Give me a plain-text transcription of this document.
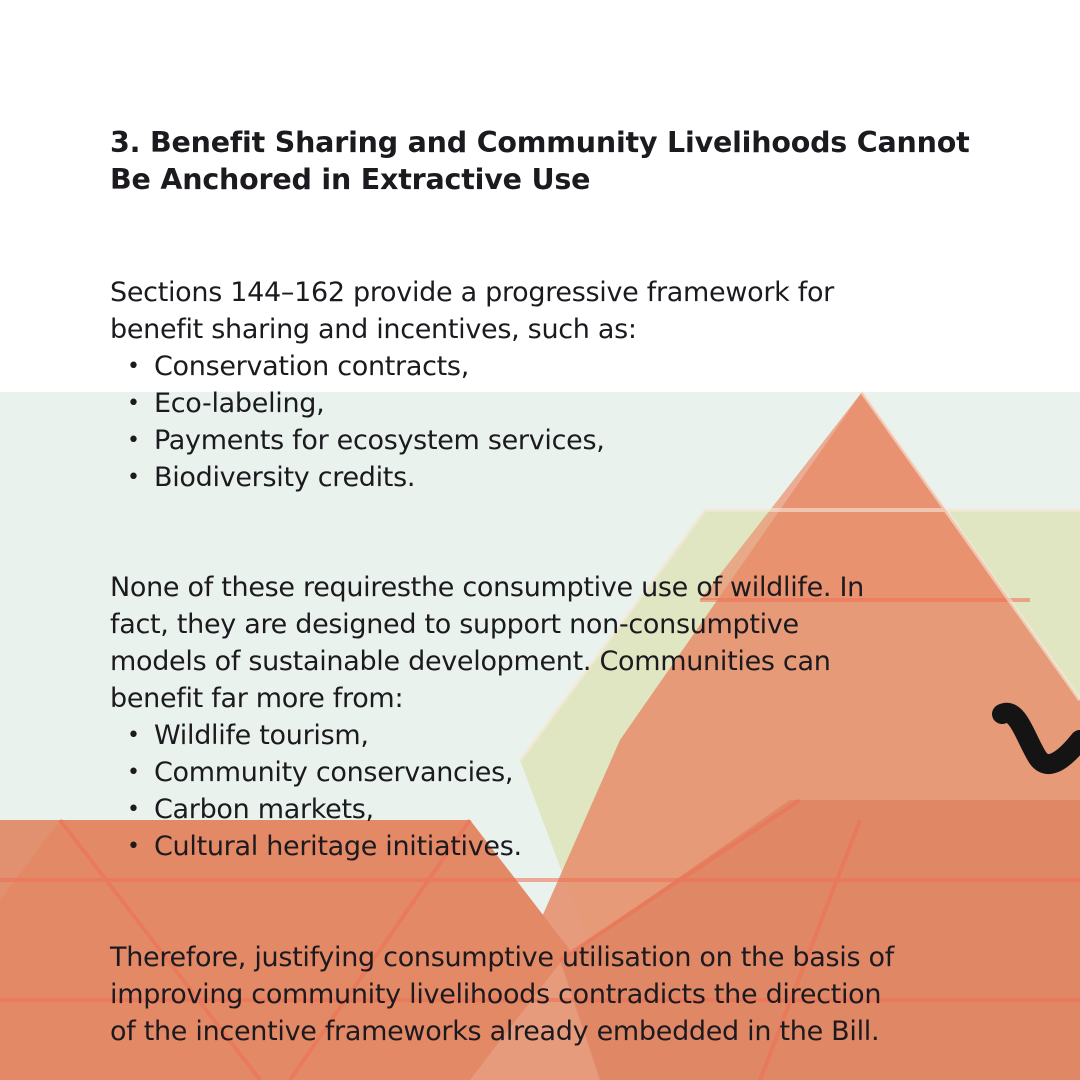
3. Benefit Sharing and Community Livelihoods Cannot
Be Anchored in Extractive Use

Sections 144–162 provide a progressive framework for
benefit sharing and incentives, such as:

• Conservation contracts,
• Eco-labeling,
• Payments for ecosystem services,
• Biodiversity credits.

None of these requiresthe consumptive use of wildlife. In
fact, they are designed to support non-consumptive
models of sustainable development. Communities can
benefit far more from:

• Wildlife tourism,
• Community conservancies,
• Carbon markets,
• Cultural heritage initiatives.

Therefore, justifying consumptive utilisation on the basis of
improving community livelihoods contradicts the direction
of the incentive frameworks already embedded in the Bill.
